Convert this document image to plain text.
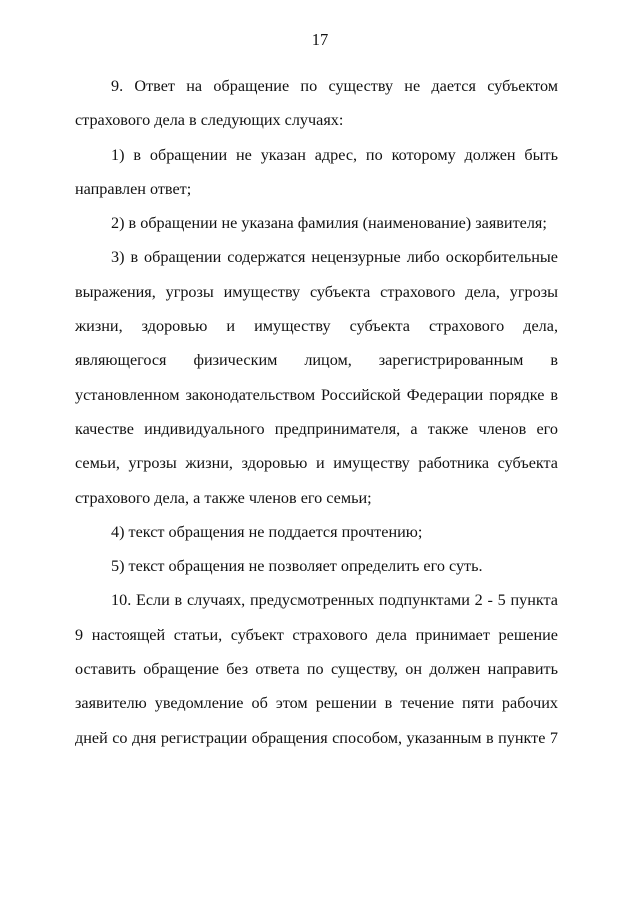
17

9. Ответ на обращение по существу не дается субъектом страхового дела в следующих случаях:

1) в обращении не указан адрес, по которому должен быть направлен ответ;

2) в обращении не указана фамилия (наименование) заявителя;

3) в обращении содержатся нецензурные либо оскорбительные выражения, угрозы имуществу субъекта страхового дела, угрозы жизни, здоровью и имуществу субъекта страхового дела, являющегося физическим лицом, зарегистрированным в установленном законодательством Российской Федерации порядке в качестве индивидуального предпринимателя, а также членов его семьи, угрозы жизни, здоровью и имуществу работника субъекта страхового дела, а также членов его семьи;

4) текст обращения не поддается прочтению;

5) текст обращения не позволяет определить его суть.

10. Если в случаях, предусмотренных подпунктами 2 - 5 пункта 9 настоящей статьи, субъект страхового дела принимает решение оставить обращение без ответа по существу, он должен направить заявителю уведомление об этом решении в течение пяти рабочих дней со дня регистрации обращения способом, указанным в пункте 7
